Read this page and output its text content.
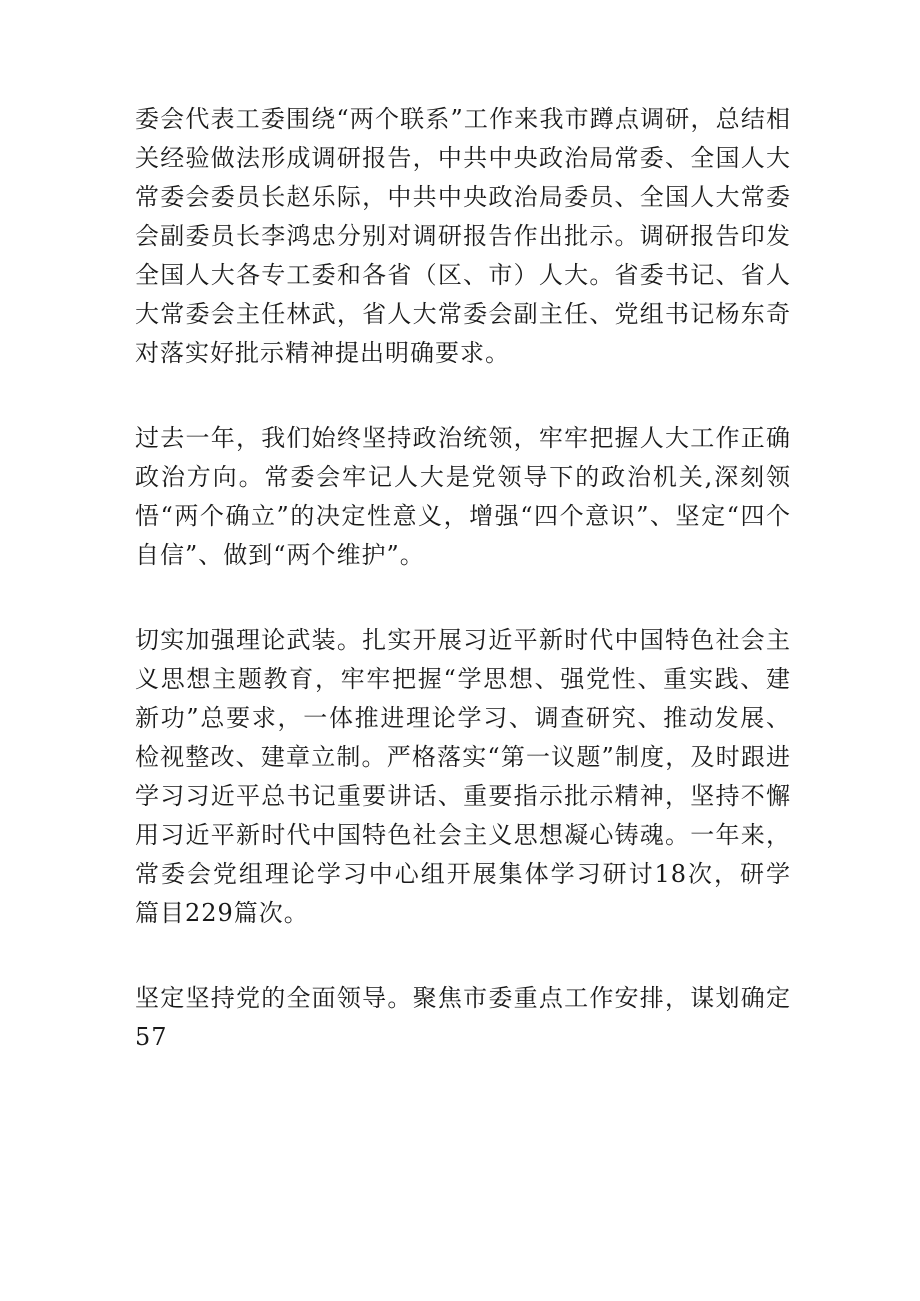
委会代表工委围绕“两个联系”工作来我市蹲点调研，总结相关经验做法形成调研报告，中共中央政治局常委、全国人大常委会委员长赵乐际，中共中央政治局委员、全国人大常委会副委员长李鸿忠分别对调研报告作出批示。调研报告印发全国人大各专工委和各省（区、市）人大。省委书记、省人大常委会主任林武，省人大常委会副主任、党组书记杨东奇对落实好批示精神提出明确要求。

过去一年，我们始终坚持政治统领，牢牢把握人大工作正确政治方向。常委会牢记人大是党领导下的政治机关,深刻领悟“两个确立”的决定性意义，增强“四个意识”、坚定“四个自信”、做到“两个维护”。

切实加强理论武装。扎实开展习近平新时代中国特色社会主义思想主题教育，牢牢把握“学思想、强党性、重实践、建新功”总要求，一体推进理论学习、调查研究、推动发展、检视整改、建章立制。严格落实“第一议题”制度，及时跟进学习习近平总书记重要讲话、重要指示批示精神，坚持不懈用习近平新时代中国特色社会主义思想凝心铸魂。一年来，常委会党组理论学习中心组开展集体学习研讨18次，研学篇目229篇次。

坚定坚持党的全面领导。聚焦市委重点工作安排，谋划确定57
